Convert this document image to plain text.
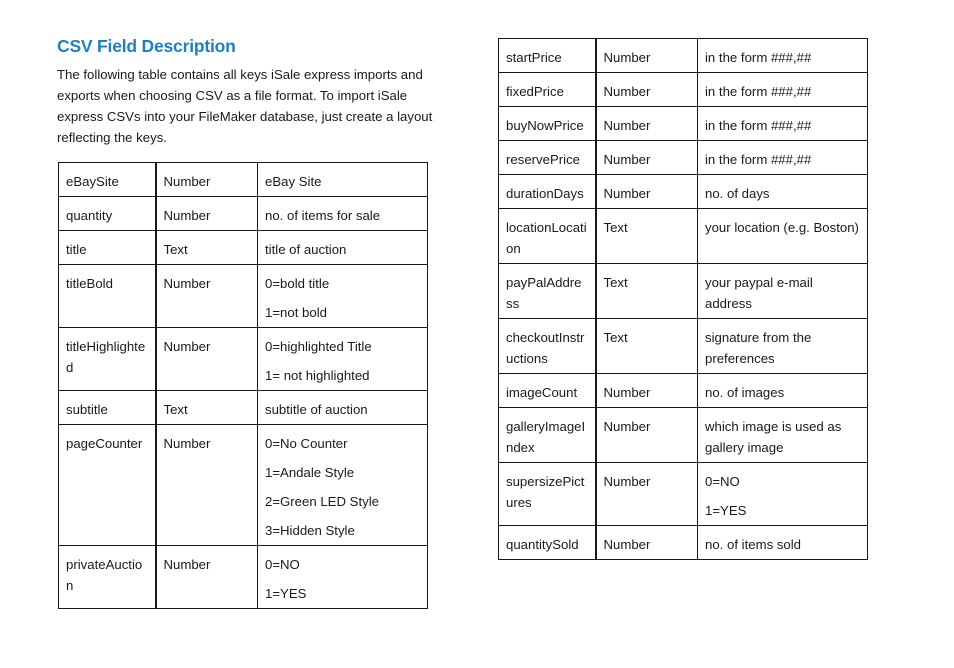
CSV Field Description

The following table contains all keys iSale express imports and exports when choosing CSV as a file format. To import iSale express CSVs into your FileMaker database, just create a layout reflecting the keys.

eBaySite	Number	eBay Site

quantity	Number	no. of items for sale

title	Text	title of auction

titleBold	Number	0=bold title
1=not bold

titleHighlighted	Number	0=highlighted Title
1= not highlighted

subtitle	Text	subtitle of auction

pageCounter	Number	0=No Counter
1=Andale Style
2=Green LED Style
3=Hidden Style

privateAuction	Number	0=NO
1=YES
startPrice	Number	in the form ###,##

fixedPrice	Number	in the form ###,##

buyNowPrice	Number	in the form ###,##

reservePrice	Number	in the form ###,##

durationDays	Number	no. of days

locationLocation	Text	your location (e.g. Boston)

payPalAddress	Text	your paypal e-mail address

checkoutInstructions	Text	signature from the preferences

imageCount	Number	no. of images

galleryImageIndex	Number	which image is used as gallery image

supersizePictures	Number	0=NO
1=YES

quantitySold	Number	no. of items sold
